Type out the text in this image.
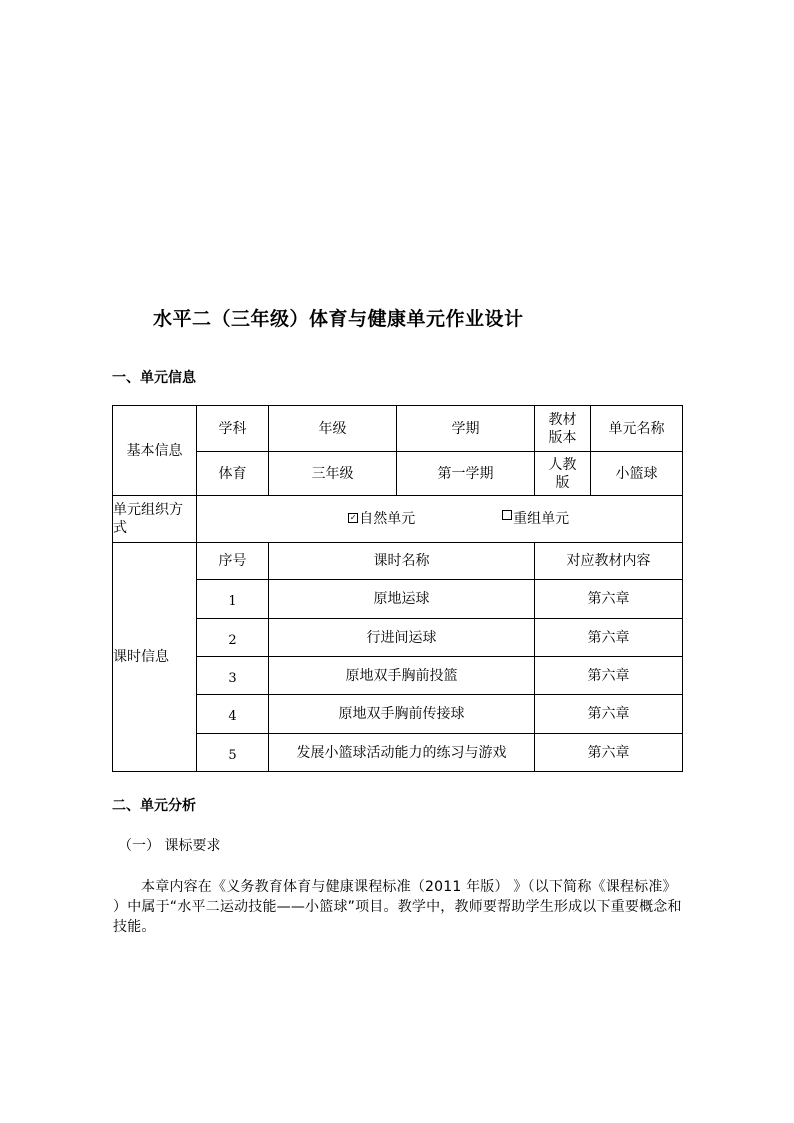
水平二（三年级）体育与健康单元作业设计
一、单元信息
基本信息	学科	年级	学期	教材版本	单元名称
	体育	三年级	第一学期	人教版	小篮球
单元组织方式	✓ 自然单元 重组单元				
课时信息	序号	课时名称		对应教材内容	
	1	原地运球		第六章	
	2	行进间运球		第六章	
	3	原地双手胸前投篮		第六章	
	4	原地双手胸前传接球		第六章	
	5	发展小篮球活动能力的练习与游戏		第六章	
二、单元分析
（一） 课标要求

本章内容在《义务教育体育与健康课程标准（2011 年版） 》（以下简称《课程标准》 ）中属于“水平二运动技能——小篮球”项目。教学中，教师要帮助学生形成以下重要概念和技能。
